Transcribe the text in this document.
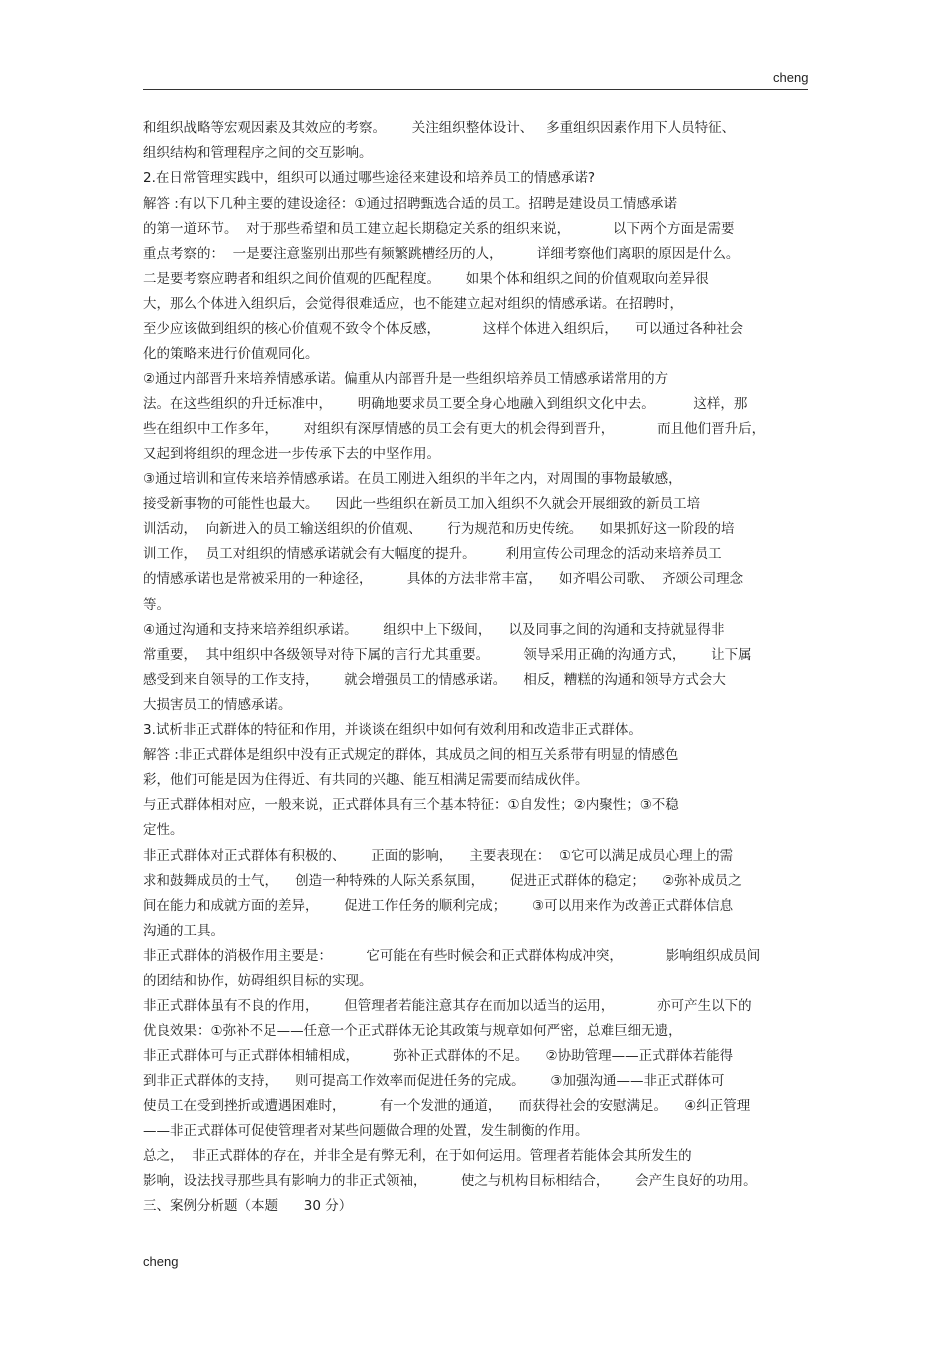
cheng
和组织战略等宏观因素及其效应的考察。      关注组织整体设计、   多重组织因素作用下人员特征、
组织结构和管理程序之间的交互影响。
2.在日常管理实践中，组织可以通过哪些途径来建设和培养员工的情感承诺?
解答 :有以下几种主要的建设途径：①通过招聘甄选合适的员工。招聘是建设员工情感承诺
的第一道环节。  对于那些希望和员工建立起长期稳定关系的组织来说，          以下两个方面是需要
重点考察的：  一是要注意鉴别出那些有频繁跳槽经历的人，        详细考察他们离职的原因是什么。
二是要考察应聘者和组织之间价值观的匹配程度。      如果个体和组织之间的价值观取向差异很
大，那么个体进入组织后，会觉得很难适应，也不能建立起对组织的情感承诺。在招聘时，
至少应该做到组织的核心价值观不致令个体反感，          这样个体进入组织后，    可以通过各种社会
化的策略来进行价值观同化。
②通过内部晋升来培养情感承诺。偏重从内部晋升是一些组织培养员工情感承诺常用的方
法。在这些组织的升迁标准中，      明确地要求员工要全身心地融入到组织文化中去。         这样，那
些在组织中工作多年，      对组织有深厚情感的员工会有更大的机会得到晋升，          而且他们晋升后，
又起到将组织的理念进一步传承下去的中坚作用。
③通过培训和宣传来培养情感承诺。在员工刚进入组织的半年之内，对周围的事物最敏感，
接受新事物的可能性也最大。    因此一些组织在新员工加入组织不久就会开展细致的新员工培
训活动，  向新进入的员工输送组织的价值观、      行为规范和历史传统。    如果抓好这一阶段的培
训工作，  员工对组织的情感承诺就会有大幅度的提升。       利用宣传公司理念的活动来培养员工
的情感承诺也是常被采用的一种途径，        具体的方法非常丰富，    如齐唱公司歌、  齐颂公司理念
等。
④通过沟通和支持来培养组织承诺。      组织中上下级间，    以及同事之间的沟通和支持就显得非
常重要，  其中组织中各级领导对待下属的言行尤其重要。        领导采用正确的沟通方式，      让下属
感受到来自领导的工作支持，      就会增强员工的情感承诺。    相反，糟糕的沟通和领导方式会大
大损害员工的情感承诺。
3.试析非正式群体的特征和作用，并谈谈在组织中如何有效利用和改造非正式群体。
解答 :非正式群体是组织中没有正式规定的群体，其成员之间的相互关系带有明显的情感色
彩，他们可能是因为住得近、有共同的兴趣、能互相满足需要而结成伙伴。
与正式群体相对应，一般来说，正式群体具有三个基本特征：①自发性；②内聚性；③不稳
定性。
非正式群体对正式群体有积极的、      正面的影响，    主要表现在：  ①它可以满足成员心理上的需
求和鼓舞成员的士气，    创造一种特殊的人际关系氛围，      促进正式群体的稳定；    ②弥补成员之
间在能力和成就方面的差异，      促进工作任务的顺利完成；      ③可以用来作为改善正式群体信息
沟通的工具。
非正式群体的消极作用主要是：        它可能在有些时候会和正式群体构成冲突，          影响组织成员间
的团结和协作，妨碍组织目标的实现。
非正式群体虽有不良的作用，      但管理者若能注意其存在而加以适当的运用，          亦可产生以下的
优良效果：①弥补不足——任意一个正式群体无论其政策与规章如何严密，总难巨细无遗，
非正式群体可与正式群体相辅相成，        弥补正式群体的不足。    ②协助管理——正式群体若能得
到非正式群体的支持，    则可提高工作效率而促进任务的完成。      ③加强沟通——非正式群体可
使员工在受到挫折或遭遇困难时，        有一个发泄的通道，    而获得社会的安慰满足。    ④纠正管理
——非正式群体可促使管理者对某些问题做合理的处置，发生制衡的作用。
总之，  非正式群体的存在，并非全是有弊无利，在于如何运用。管理者若能体会其所发生的
影响，设法找寻那些具有影响力的非正式领袖，        使之与机构目标相结合，      会产生良好的功用。
三、案例分析题（本题      30 分）
cheng
